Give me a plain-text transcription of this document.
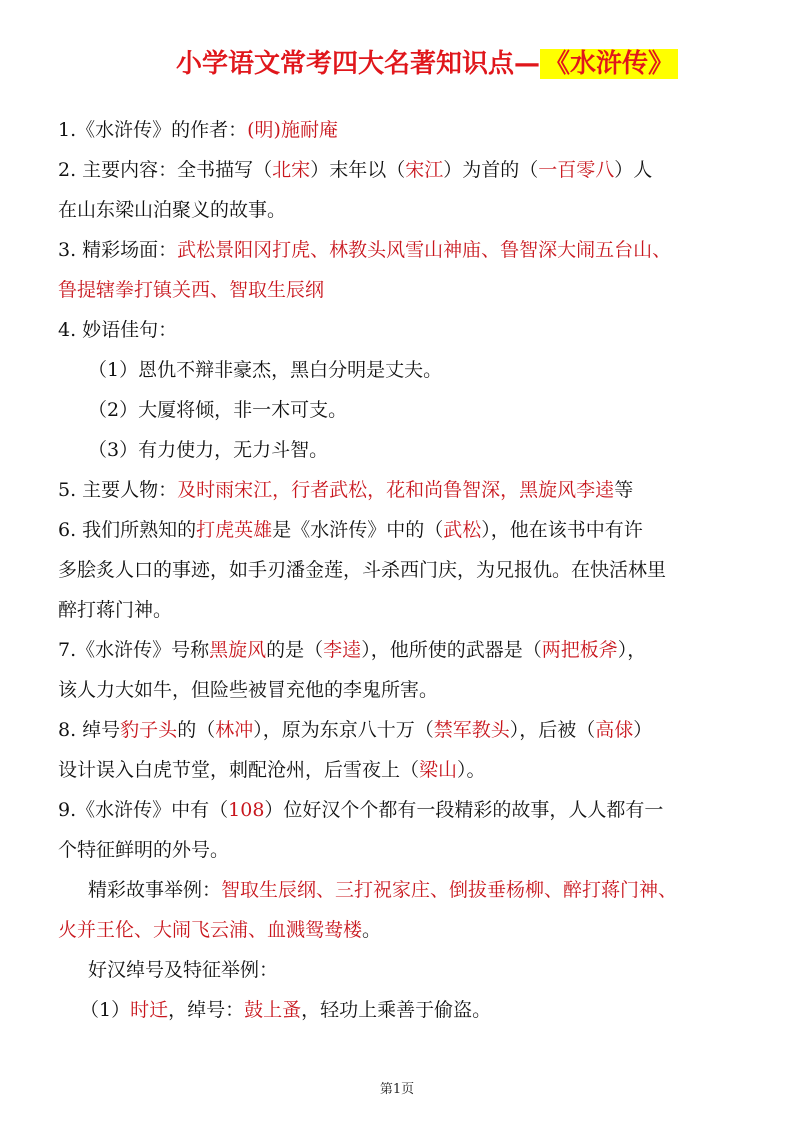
小学语文常考四大名著知识点— 《水浒传》
1.《水浒传》的作者：(明)施耐庵
2. 主要内容：全书描写（北宋）末年以（宋江）为首的（一百零八）人
在山东梁山泊聚义的故事。
3. 精彩场面：武松景阳冈打虎、林教头风雪山神庙、鲁智深大闹五台山、
鲁提辖拳打镇关西、智取生辰纲
4. 妙语佳句：
（1）恩仇不辩非豪杰，黑白分明是丈夫。
（2）大厦将倾，非一木可支。
（3）有力使力，无力斗智。
5. 主要人物：及时雨宋江，行者武松，花和尚鲁智深，黑旋风李逵等
6. 我们所熟知的打虎英雄是《水浒传》中的（武松），他在该书中有许
多脍炙人口的事迹，如手刃潘金莲，斗杀西门庆，为兄报仇。在快活林里
醉打蒋门神。
7.《水浒传》号称黑旋风的是（李逵），他所使的武器是（两把板斧），
该人力大如牛，但险些被冒充他的李鬼所害。
8. 绰号豹子头的（林冲），原为东京八十万（禁军教头），后被（高俅）
设计误入白虎节堂，刺配沧州，后雪夜上（梁山）。
9.《水浒传》中有（108）位好汉个个都有一段精彩的故事，人人都有一
个特征鲜明的外号。
精彩故事举例：智取生辰纲、三打祝家庄、倒拔垂杨柳、醉打蒋门神、
火并王伦、大闹飞云浦、血溅鸳鸯楼。
好汉绰号及特征举例：
（1）时迁，绰号：鼓上蚤，轻功上乘善于偷盗。
第1页
